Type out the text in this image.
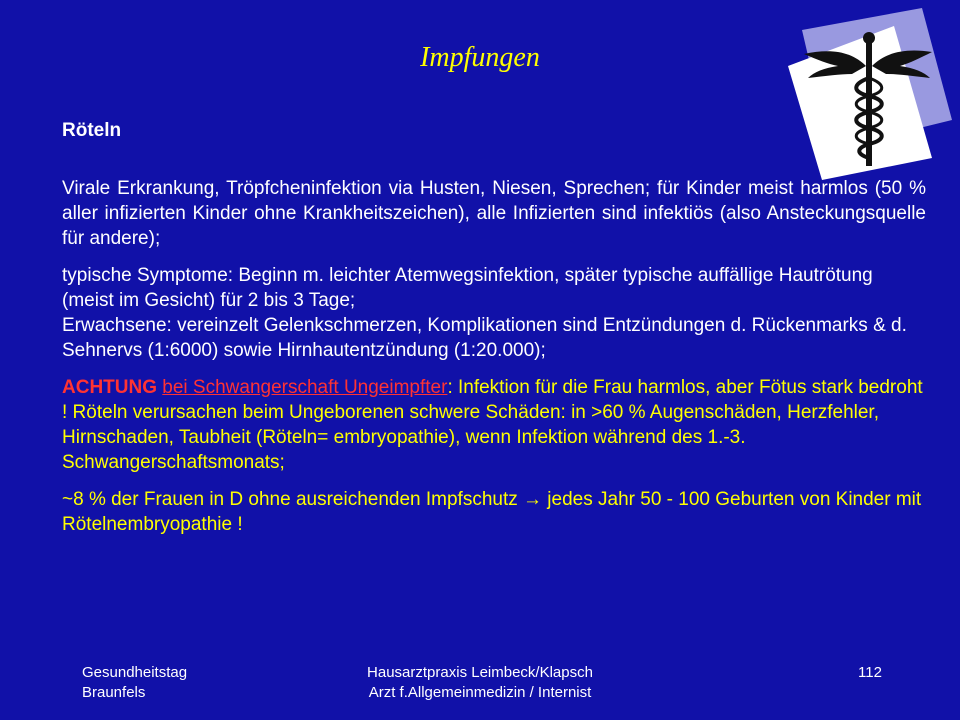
Impfungen
Röteln

Virale Erkrankung, Tröpfcheninfektion via Husten, Niesen, Sprechen; für Kinder meist harmlos (50 % aller infizierten Kinder ohne Krankheitszeichen), alle Infizierten sind infektiös (also Ansteckungsquelle für andere);

typische Symptome: Beginn m. leichter Atemwegsinfektion, später typische auffällige Hautrötung (meist im Gesicht) für 2 bis 3 Tage;
Erwachsene: vereinzelt Gelenkschmerzen, Komplikationen sind Entzündungen d. Rückenmarks & d. Sehnervs (1:6000) sowie Hirnhautentzündung (1:20.000);

ACHTUNG bei Schwangerschaft Ungeimpfter: Infektion für die Frau harmlos, aber Fötus stark bedroht ! Röteln verursachen beim Ungeborenen schwere Schäden: in >60 % Augenschäden, Herzfehler, Hirnschaden, Taubheit (Röteln= embryopathie), wenn Infektion während des 1.-3. Schwangerschaftsmonats;

~8 % der Frauen in D ohne ausreichenden Impfschutz → jedes Jahr 50 - 100 Geburten von Kinder mit Rötelnembryopathie !

Gesundheitstag
Braunfels
Hausarztpraxis Leimbeck/Klapsch
Arzt f.Allgemeinmedizin / Internist
112
